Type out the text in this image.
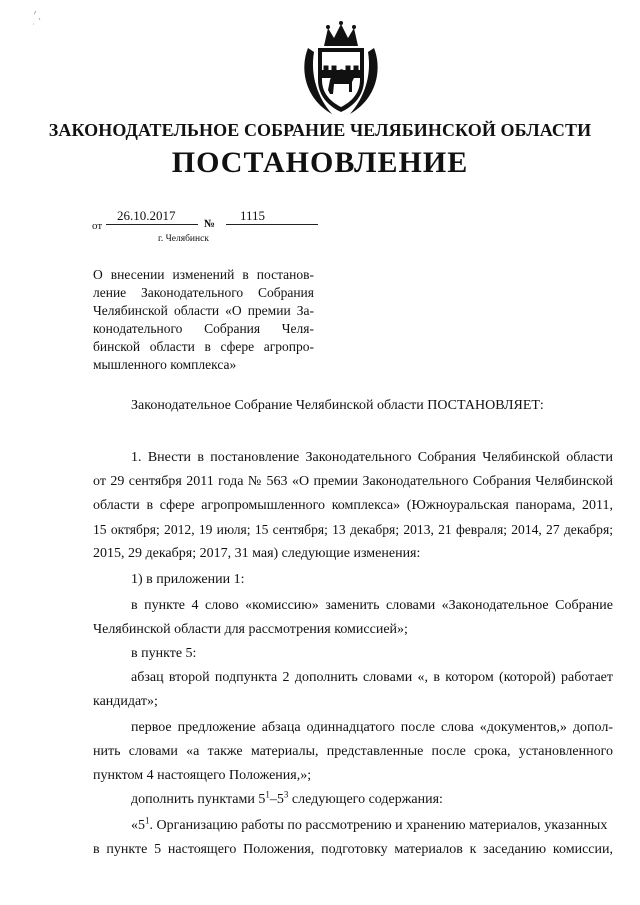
ЗАКОНОДАТЕЛЬНОЕ СОБРАНИЕ ЧЕЛЯБИНСКОЙ ОБЛАСТИ
ПОСТАНОВЛЕНИЕ
от
26.10.2017
№
1115
г. Челябинск
О внесении изменений в постанов-
ление Законодательного Собрания
Челябинской области «О премии За-
конодательного Собрания Челя-
бинской области в сфере агропро-
мышленного комплекса»
Законодательное Собрание Челябинской области ПОСТАНОВЛЯЕТ:
1. Внести в постановление Законодательного Собрания Челябинской области
от 29 сентября 2011 года № 563 «О премии Законодательного Собрания Челябинской
области в сфере агропромышленного комплекса» (Южноуральская панорама, 2011,
15 октября; 2012, 19 июля; 15 сентября; 13 декабря; 2013, 21 февраля; 2014, 27 декабря;
2015, 29 декабря; 2017, 31 мая) следующие изменения:
1) в приложении 1:
в пункте 4 слово «комиссию» заменить словами «Законодательное Собрание
Челябинской области для рассмотрения комиссией»;
в пункте 5:
абзац второй подпункта 2 дополнить словами «, в котором (которой) работает
кандидат»;
первое предложение абзаца одиннадцатого после слова «документов,» допол-
нить словами «а также материалы, представленные после срока, установленного
пунктом 4 настоящего Положения,»;
дополнить пунктами $5^1-5^3$ следующего содержания:
«$5^1$. Организацию работы по рассмотрению и хранению материалов, указанных
в пункте 5 настоящего Положения, подготовку материалов к заседанию комиссии,
